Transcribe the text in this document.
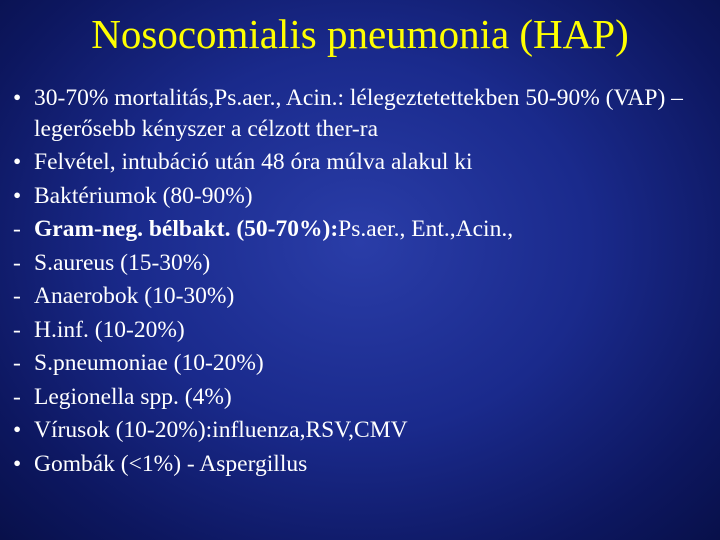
Nosocomialis pneumonia (HAP)
• 30-70% mortalitás,Ps.aer., Acin.: lélegeztetettekben 50-90% (VAP) – legerősebb kényszer a célzott ther-ra
• Felvétel, intubáció után 48 óra múlva alakul ki
• Baktériumok (80-90%)
- Gram-neg. bélbakt. (50-70%):Ps.aer., Ent.,Acin.,
- S.aureus (15-30%)
- Anaerobok (10-30%)
- H.inf. (10-20%)
- S.pneumoniae (10-20%)
- Legionella spp. (4%)
• Vírusok (10-20%):influenza,RSV,CMV
• Gombák (<1%) - Aspergillus
